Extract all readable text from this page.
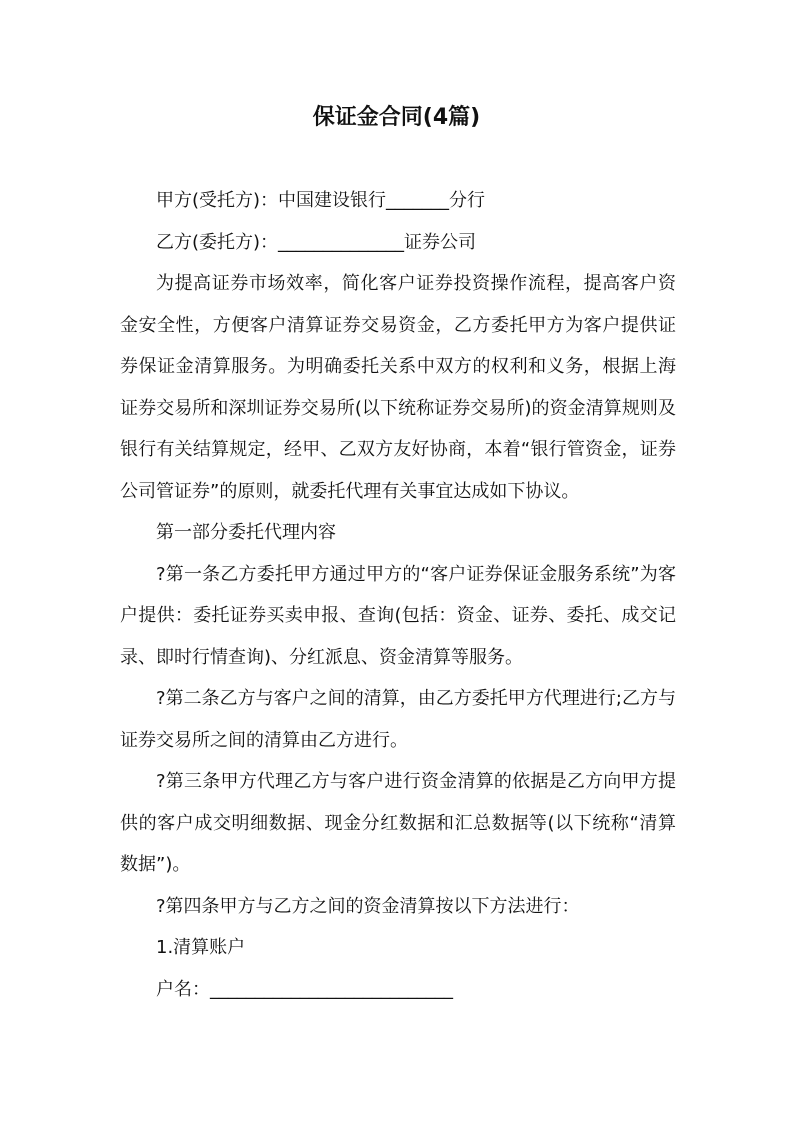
保证金合同(4篇)

甲方(受托方)：中国建设银行_______分行

乙方(委托方)：______________证券公司

为提高证券市场效率，简化客户证券投资操作流程，提高客户资金安全性，方便客户清算证券交易资金，乙方委托甲方为客户提供证券保证金清算服务。为明确委托关系中双方的权利和义务，根据上海证券交易所和深圳证券交易所(以下统称证券交易所)的资金清算规则及银行有关结算规定，经甲、乙双方友好协商，本着“银行管资金，证券公司管证券”的原则，就委托代理有关事宜达成如下协议。

第一部分委托代理内容

?第一条乙方委托甲方通过甲方的“客户证券保证金服务系统”为客户提供：委托证券买卖申报、查询(包括：资金、证券、委托、成交记录、即时行情查询)、分红派息、资金清算等服务。

?第二条乙方与客户之间的清算，由乙方委托甲方代理进行;乙方与证券交易所之间的清算由乙方进行。

?第三条甲方代理乙方与客户进行资金清算的依据是乙方向甲方提供的客户成交明细数据、现金分红数据和汇总数据等(以下统称“清算数据”)。

?第四条甲方与乙方之间的资金清算按以下方法进行：

1.清算账户

户名：___________________________
